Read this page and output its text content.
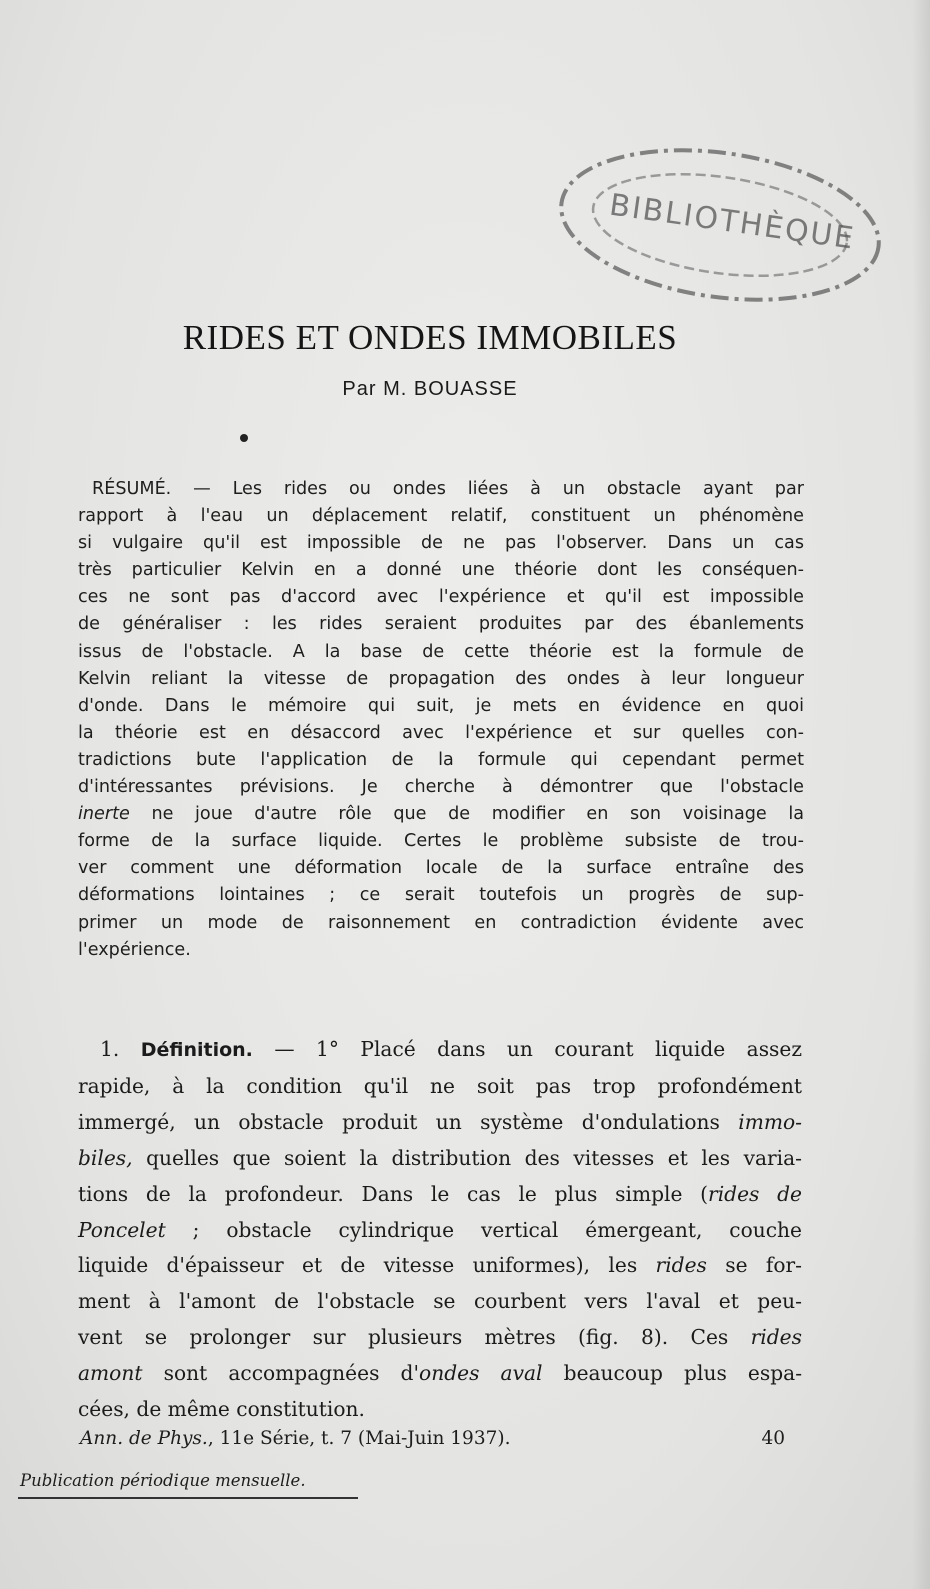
BIBLIOTHÈQUE
RIDES ET ONDES IMMOBILES
Par M. BOUASSE
RÉSUMÉ. — Les rides ou ondes liées à un obstacle ayant par
rapport à l'eau un déplacement relatif, constituent un phénomène
si vulgaire qu'il est impossible de ne pas l'observer. Dans un cas
très particulier Kelvin en a donné une théorie dont les conséquen-
ces ne sont pas d'accord avec l'expérience et qu'il est impossible
de généraliser : les rides seraient produites par des ébanlements
issus de l'obstacle. A la base de cette théorie est la formule de
Kelvin reliant la vitesse de propagation des ondes à leur longueur
d'onde. Dans le mémoire qui suit, je mets en évidence en quoi
la théorie est en désaccord avec l'expérience et sur quelles con-
tradictions bute l'application de la formule qui cependant permet
d'intéressantes prévisions. Je cherche à démontrer que l'obstacle
inerte ne joue d'autre rôle que de modifier en son voisinage la
forme de la surface liquide. Certes le problème subsiste de trou-
ver comment une déformation locale de la surface entraîne des
déformations lointaines ; ce serait toutefois un progrès de sup-
primer un mode de raisonnement en contradiction évidente avec
l'expérience.
1. Définition. — 1° Placé dans un courant liquide assez
rapide, à la condition qu'il ne soit pas trop profondément
immergé, un obstacle produit un système d'ondulations immo-
biles, quelles que soient la distribution des vitesses et les varia-
tions de la profondeur. Dans le cas le plus simple (rides de
Poncelet ; obstacle cylindrique vertical émergeant, couche
liquide d'épaisseur et de vitesse uniformes), les rides se for-
ment à l'amont de l'obstacle se courbent vers l'aval et peu-
vent se prolonger sur plusieurs mètres (fig. 8). Ces rides
amont sont accompagnées d'ondes aval beaucoup plus espa-
cées, de même constitution.
Ann. de Phys., 11e Série, t. 7 (Mai-Juin 1937).	40
Publication périodique mensuelle.
